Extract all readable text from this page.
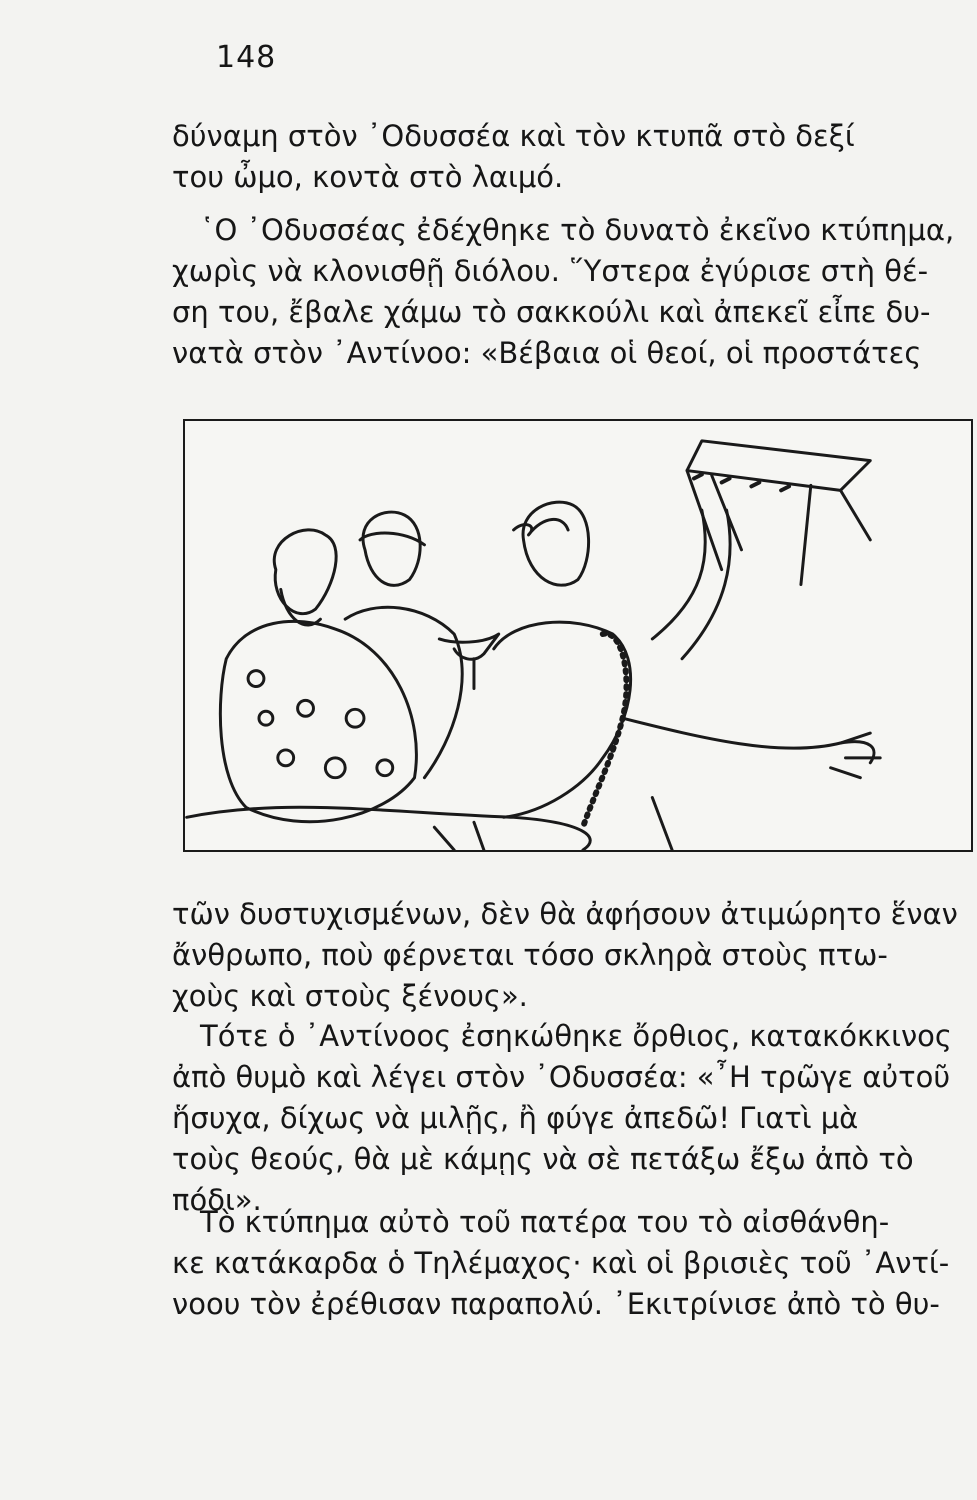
148

δύναμη στὸν ᾿Οδυσσέα καὶ τὸν κτυπᾶ στὸ δεξί
του ὦμο, κοντὰ στὸ λαιμό.

῾Ο ᾿Οδυσσέας ἐδέχθηκε τὸ δυνατὸ ἐκεῖνο κτύπημα,
χωρὶς νὰ κλονισθῇ διόλου. ῞Υστερα ἐγύρισε στὴ θέ-
ση του, ἔβαλε χάμω τὸ σακκούλι καὶ ἀπεκεῖ εἶπε δυ-
νατὰ στὸν ᾿Αντίνοο: «Βέβαια οἱ θεοί, οἱ προστάτες

τῶν δυστυχισμένων, δὲν θὰ ἀφήσουν ἀτιμώρητο ἕναν
ἄνθρωπο, ποὺ φέρνεται τόσο σκληρὰ στοὺς πτω-
χοὺς καὶ στοὺς ξένους».

Τότε ὁ ᾿Αντίνοος ἐσηκώθηκε ὄρθιος, κατακόκκινος
ἀπὸ θυμὸ καὶ λέγει στὸν ᾿Οδυσσέα: «῏Η τρῶγε αὐτοῦ
ἥσυχα, δίχως νὰ μιλῇς, ἢ φύγε ἀπεδῶ! Γιατὶ μὰ
τοὺς θεούς, θὰ μὲ κάμῃς νὰ σὲ πετάξω ἔξω ἀπὸ τὸ
πόδι».

Τὸ κτύπημα αὐτὸ τοῦ πατέρα του τὸ αἰσθάνθη-
κε κατάκαρδα ὁ Τηλέμαχος· καὶ οἱ βρισιὲς τοῦ ᾿Αντί-
νοου τὸν ἐρέθισαν παραπολύ. ᾿Εκιτρίνισε ἀπὸ τὸ θυ-
